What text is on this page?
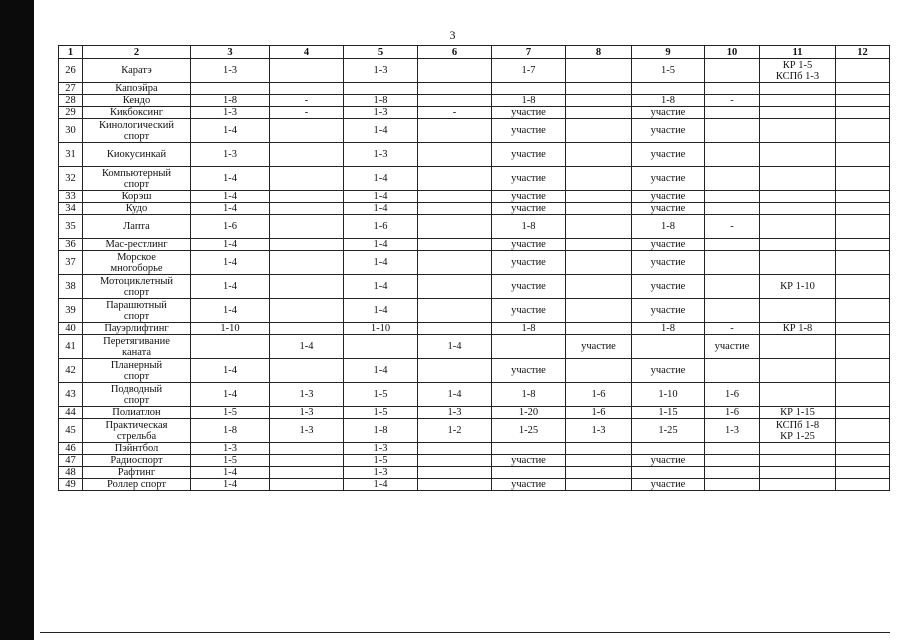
3
1	2	3	4	5	6	7	8	9	10	11	12
26	Каратэ	1-3		1-3		1-7		1-5		КР 1-5
КСПб 1-3	
27	Капоэйра										
28	Кендо	1-8	-	1-8		1-8		1-8	-		
29	Кикбоксинг	1-3	-	1-3	-	участие		участие			
30	Кинологический
спорт	1-4		1-4		участие		участие			
31	Киокусинкай	1-3		1-3		участие		участие			
32	Компьютерный
спорт	1-4		1-4		участие		участие			
33	Корэш	1-4		1-4		участие		участие			
34	Кудо	1-4		1-4		участие		участие			
35	Лапта	1-6		1-6		1-8		1-8	-		
36	Мас-рестлинг	1-4		1-4		участие		участие			
37	Морское
многоборье	1-4		1-4		участие		участие			
38	Мотоциклетный
спорт	1-4		1-4		участие		участие		КР 1-10	
39	Парашютный
спорт	1-4		1-4		участие		участие			
40	Пауэрлифтинг	1-10		1-10		1-8		1-8	-	КР 1-8	
41	Перетягивание
каната		1-4		1-4		участие		участие		
42	Планерный
спорт	1-4		1-4		участие		участие			
43	Подводный
спорт	1-4	1-3	1-5	1-4	1-8	1-6	1-10	1-6		
44	Полиатлон	1-5	1-3	1-5	1-3	1-20	1-6	1-15	1-6	КР 1-15	
45	Практическая
стрельба	1-8	1-3	1-8	1-2	1-25	1-3	1-25	1-3	КСПб 1-8
КР 1-25	
46	Пэйнтбол	1-3		1-3							
47	Радиоспорт	1-5		1-5		участие		участие			
48	Рафтинг	1-4		1-3							
49	Роллер спорт	1-4		1-4		участие		участие			
